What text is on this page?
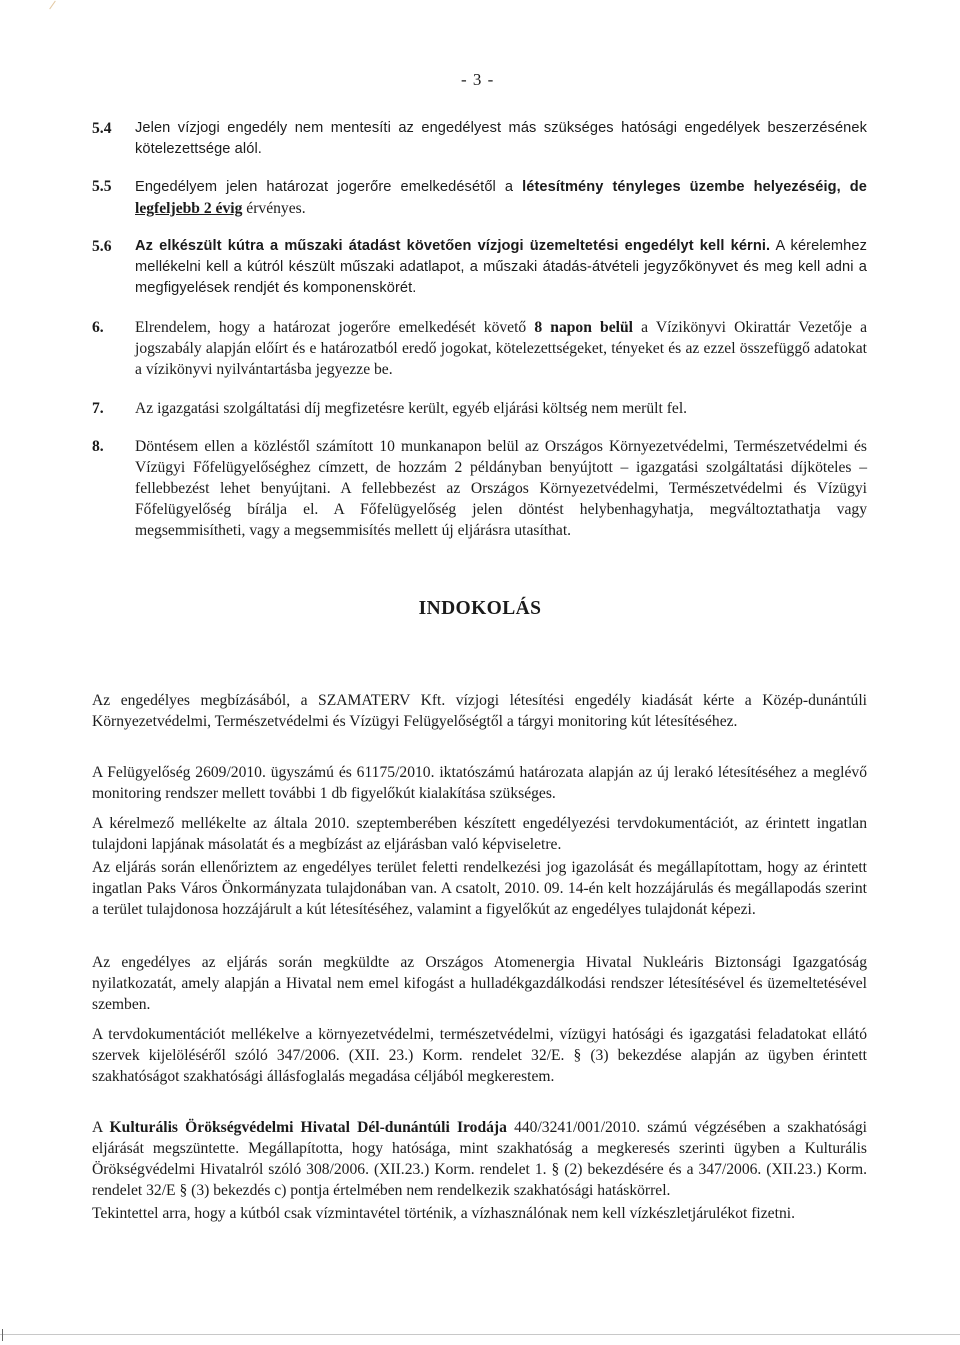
- 3 -
5.4 Jelen vízjogi engedély nem mentesíti az engedélyest más szükséges hatósági engedélyek beszerzésének kötelezettsége alól.
5.5 Engedélyem jelen határozat jogerőre emelkedésétől a létesítmény tényleges üzembe helyezéséig, de legfeljebb 2 évig érvényes.
5.6 Az elkészült kútra a műszaki átadást követően vízjogi üzemeltetési engedélyt kell kérni. A kérelemhez mellékelni kell a kútról készült műszaki adatlapot, a műszaki átadás-átvételi jegyzőkönyvet és meg kell adni a megfigyelések rendjét és komponenskörét.
6. Elrendelem, hogy a határozat jogerőre emelkedését követő 8 napon belül a Vízikönyvi Okirattár Vezetője a jogszabály alapján előírt és e határozatból eredő jogokat, kötelezettségeket, tényeket és az ezzel összefüggő adatokat a vízikönyvi nyilvántartásba jegyezze be.
7. Az igazgatási szolgáltatási díj megfizetésre került, egyéb eljárási költség nem merült fel.
8. Döntésem ellen a közléstől számított 10 munkanapon belül az Országos Környezetvédelmi, Természetvédelmi és Vízügyi Főfelügyelőséghez címzett, de hozzám 2 példányban benyújtott – igazgatási szolgáltatási díjköteles – fellebbezést lehet benyújtani. A fellebbezést az Országos Környezetvédelmi, Természetvédelmi és Vízügyi Főfelügyelőség bírálja el. A Főfelügyelőség jelen döntést helybenhagyhatja, megváltoztathatja vagy megsemmisítheti, vagy a megsemmisítés mellett új eljárásra utasíthat.
INDOKOLÁS
Az engedélyes megbízásából, a SZAMATERV Kft. vízjogi létesítési engedély kiadását kérte a Közép-dunántúli Környezetvédelmi, Természetvédelmi és Vízügyi Felügyelőségtől a tárgyi monitoring kút létesítéséhez.
A Felügyelőség 2609/2010. ügyszámú és 61175/2010. iktatószámú határozata alapján az új lerakó létesítéséhez a meglévő monitoring rendszer mellett további 1 db figyelőkút kialakítása szükséges.
A kérelmező mellékelte az általa 2010. szeptemberében készített engedélyezési tervdokumentációt, az érintett ingatlan tulajdoni lapjának másolatát és a megbízást az eljárásban való képviseletre.
Az eljárás során ellenőriztem az engedélyes terület feletti rendelkezési jog igazolását és megállapítottam, hogy az érintett ingatlan Paks Város Önkormányzata tulajdonában van. A csatolt, 2010. 09. 14-én kelt hozzájárulás és megállapodás szerint a terület tulajdonosa hozzájárult a kút létesítéséhez, valamint a figyelőkút az engedélyes tulajdonát képezi.
Az engedélyes az eljárás során megküldte az Országos Atomenergia Hivatal Nukleáris Biztonsági Igazgatóság nyilatkozatát, amely alapján a Hivatal nem emel kifogást a hulladékgazdálkodási rendszer létesítésével és üzemeltetésével szemben.
A tervdokumentációt mellékelve a környezetvédelmi, természetvédelmi, vízügyi hatósági és igazgatási feladatokat ellátó szervek kijelöléséről szóló 347/2006. (XII. 23.) Korm. rendelet 32/E. § (3) bekezdése alapján az ügyben érintett szakhatóságot szakhatósági állásfoglalás megadása céljából megkerestem.
A Kulturális Örökségvédelmi Hivatal Dél-dunántúli Irodája 440/3241/001/2010. számú végzésében a szakhatósági eljárását megszüntette. Megállapította, hogy hatósága, mint szakhatóság a megkeresés szerinti ügyben a Kulturális Örökségvédelmi Hivatalról szóló 308/2006. (XII.23.) Korm. rendelet 1. § (2) bekezdésére és a 347/2006. (XII.23.) Korm. rendelet 32/E § (3) bekezdés c) pontja értelmében nem rendelkezik szakhatósági hatáskörrel.
Tekintettel arra, hogy a kútból csak vízmintavétel történik, a vízhasználónak nem kell vízkészletjárulékot fizetni.
